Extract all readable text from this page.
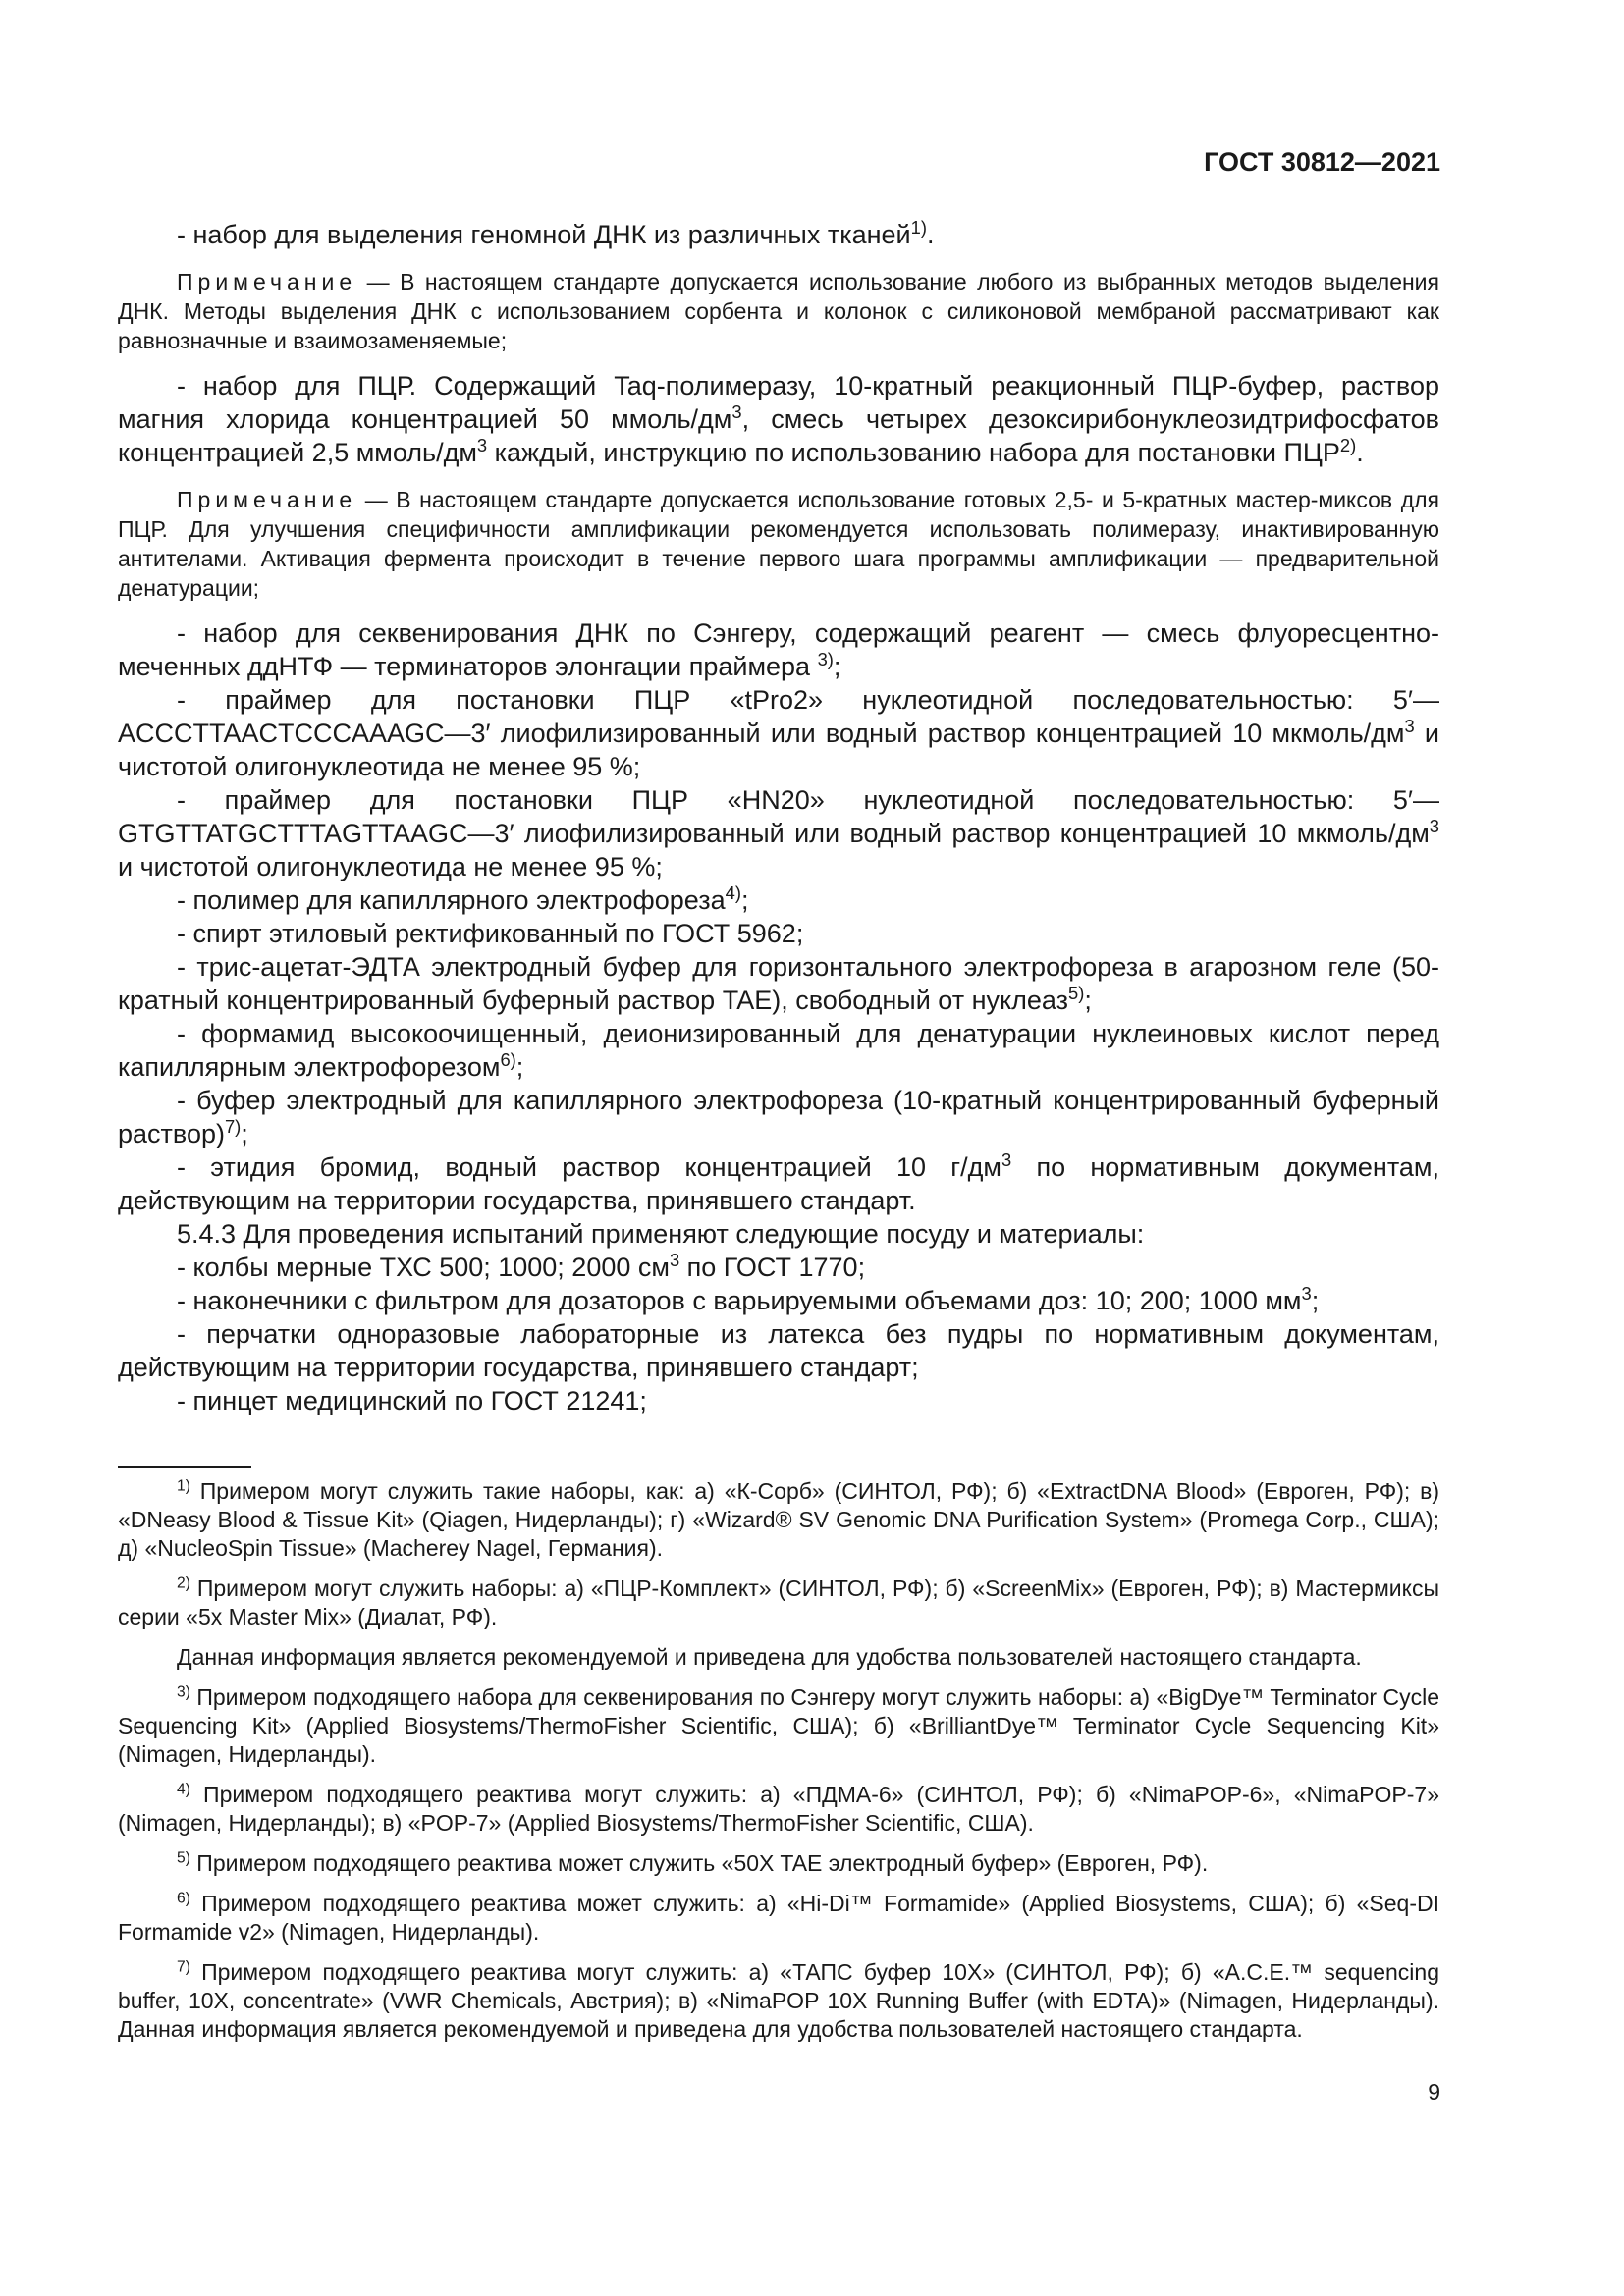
ГОСТ 30812—2021

- набор для выделения геномной ДНК из различных тканей$^{1)}$.

Примечание — В настоящем стандарте допускается использование любого из выбранных методов выделения ДНК. Методы выделения ДНК с использованием сорбента и колонок с силиконовой мембраной рассматривают как равнозначные и взаимозаменяемые;

- набор для ПЦР. Содержащий Taq-полимеразу, 10-кратный реакционный ПЦР-буфер, раствор магния хлорида концентрацией 50 ммоль/$дм^3$, смесь четырех дезоксирибонуклеозидтрифосфатов концентрацией 2,5 ммоль/$дм^3$ каждый, инструкцию по использованию набора для постановки ПЦР$^{2)}$.

Примечание — В настоящем стандарте допускается использование готовых 2,5- и 5-кратных мастер-миксов для ПЦР. Для улучшения специфичности амплификации рекомендуется использовать полимеразу, инактивированную антителами. Активация фермента происходит в течение первого шага программы амплификации — предварительной денатурации;

- набор для секвенирования ДНК по Сэнгеру, содержащий реагент — смесь флуоресцентно-меченных ддНТФ — терминаторов элонгации праймера $^{3)}$;

- праймер для постановки ПЦР «tPro2» нуклеотидной последовательностью: 5′—ACCCTTAACTCCCAAAGC—3′ лиофилизированный или водный раствор концентрацией 10 мкмоль/$дм^3$ и чистотой олигонуклеотида не менее 95 %;

- праймер для постановки ПЦР «HN20» нуклеотидной последовательностью: 5′—GTGTTATGCTTTAGTTAAGC—3′ лиофилизированный или водный раствор концентрацией 10 мкмоль/$дм^3$ и чистотой олигонуклеотида не менее 95 %;

- полимер для капиллярного электрофореза$^{4)}$;

- спирт этиловый ректификованный по ГОСТ 5962;

- трис-ацетат-ЭДТА электродный буфер для горизонтального электрофореза в агарозном геле (50-кратный концентрированный буферный раствор TAE), свободный от нуклеаз$^{5)}$;

- формамид высокоочищенный, деионизированный для денатурации нуклеиновых кислот перед капиллярным электрофорезом$^{6)}$;

- буфер электродный для капиллярного электрофореза (10-кратный концентрированный буферный раствор)$^{7)}$;

- этидия бромид, водный раствор концентрацией 10 $г/дм^3$ по нормативным документам, действующим на территории государства, принявшего стандарт.

5.4.3 Для проведения испытаний применяют следующие посуду и материалы:

- колбы мерные ТХС 500; 1000; 2000 $см^3$ по ГОСТ 1770;

- наконечники с фильтром для дозаторов с варьируемыми объемами доз: 10; 200; 1000 $мм^3$;

- перчатки одноразовые лабораторные из латекса без пудры по нормативным документам, действующим на территории государства, принявшего стандарт;

- пинцет медицинский по ГОСТ 21241;

$^{1)}$ Примером могут служить такие наборы, как: а) «К-Сорб» (СИНТОЛ, РФ); б) «ExtractDNA Blood» (Евроген, РФ); в) «DNeasy Blood & Tissue Kit» (Qiagen, Нидерланды); г) «Wizard® SV Genomic DNA Purification System» (Promega Corp., США); д) «NucleoSpin Tissue» (Macherey Nagel, Германия).

$^{2)}$ Примером могут служить наборы: а) «ПЦР-Комплект» (СИНТОЛ, РФ); б) «ScreenMix» (Евроген, РФ); в) Мастермиксы серии «5x Master Mix» (Диалат, РФ).

Данная информация является рекомендуемой и приведена для удобства пользователей настоящего стандарта.

$^{3)}$ Примером подходящего набора для секвенирования по Сэнгеру могут служить наборы: а) «BigDye™ Terminator Cycle Sequencing Kit» (Applied Biosystems/ThermoFisher Scientific, США); б) «BrilliantDye™ Terminator Cycle Sequencing Kit» (Nimagen, Нидерланды).

$^{4)}$ Примером подходящего реактива могут служить: а) «ПДМА-6» (СИНТОЛ, РФ); б) «NimaPOP-6», «NimaPOP-7» (Nimagen, Нидерланды); в) «POP-7» (Applied Biosystems/ThermoFisher Scientific, США).

$^{5)}$ Примером подходящего реактива может служить «50X TAE электродный буфер» (Евроген, РФ).

$^{6)}$ Примером подходящего реактива может служить: а) «Hi-Di™ Formamide» (Applied Biosystems, США); б) «Seq-DI Formamide v2» (Nimagen, Нидерланды).

$^{7)}$ Примером подходящего реактива могут служить: а) «ТАПС буфер 10X» (СИНТОЛ, РФ); б) «A.C.E.™ sequencing buffer, 10X, concentrate» (VWR Chemicals, Австрия); в) «NimaPOP 10X Running Buffer (with EDTA)» (Nimagen, Нидерланды). Данная информация является рекомендуемой и приведена для удобства пользователей настоящего стандарта.

9
